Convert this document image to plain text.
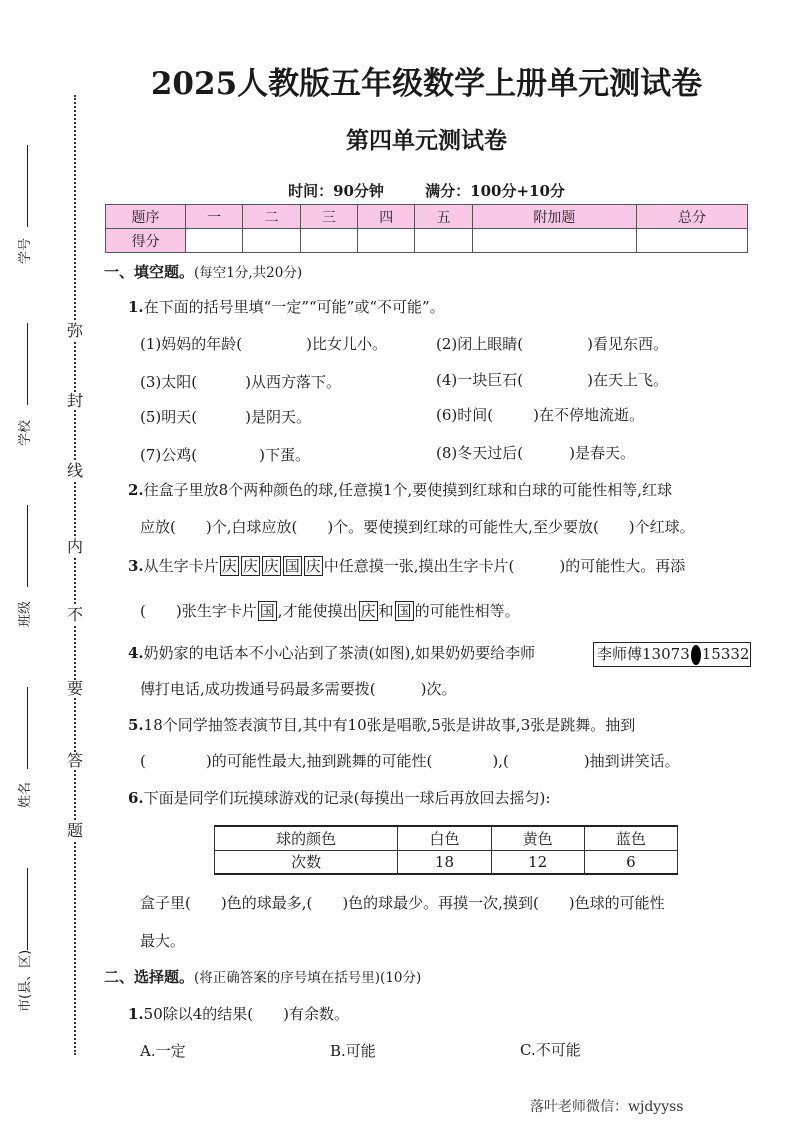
弥
封
线
内
不
要
答
题
学号
学校
班级
姓名
市(县、区)
2025人教版五年级数学上册单元测试卷
第四单元测试卷
时间：90分钟	满分：100分+10分
题序	一	二	三	四	五	附加题	总分
得分							
一、填空题。(每空1分,共20分)
1.在下面的括号里填“一定”“可能”或“不可能”。
(1)妈妈的年龄(	)比女儿小。	(2)闭上眼睛(	)看见东西。
(3)太阳(	)从西方落下。	(4)一块巨石(	)在天上飞。
(5)明天(	)是阴天。	(6)时间(	)在不停地流逝。
(7)公鸡(	)下蛋。	(8)冬天过后(	)是春天。
2.往盒子里放8个两种颜色的球,任意摸1个,要使摸到红球和白球的可能性相等,红球
应放(　　)个,白球应放(　　)个。要使摸到红球的可能性大,至少要放(　　)个红球。
3.从生字卡片 庆 庆 庆 国 庆 中任意摸一张,摸出生字卡片(　　　)的可能性大。再添
(　　)张生字卡片 国 ,才能使摸出 庆 和 国 的可能性相等。
4.奶奶家的电话本不小心沾到了茶渍(如图),如果奶奶要给李师	李师傅13073 15332
傅打电话,成功拨通号码最多需要拨(　　　)次。
5.18个同学抽签表演节目,其中有10张是唱歌,5张是讲故事,3张是跳舞。抽到
(　　　　)的可能性最大,抽到跳舞的可能性(　　　　),(　　　　　)抽到讲笑话。
6.下面是同学们玩摸球游戏的记录(每摸出一球后再放回去摇匀):
球的颜色	白色	黄色	蓝色
次数	18	12	6
盒子里(　　)色的球最多,(　　)色的球最少。再摸一次,摸到(　　)色球的可能性
最大。
二、选择题。(将正确答案的序号填在括号里)(10分)
1.50除以4的结果(　　)有余数。
A.一定	B.可能	C.不可能
落叶老师微信：wjdyyss
